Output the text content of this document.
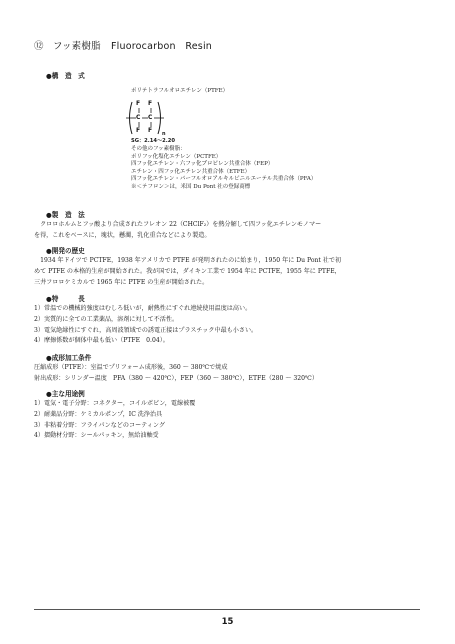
⑫ フッ素樹脂 Fluorocarbon　Resin
●構　造　式
ポリテトラフルオロエチレン（PTFE）
F F
C C
F F n
SG：2.14～2.20
その他のフッ素樹脂：
ポリフッ化塩化エチレン（PCTFE）
四フッ化エチレン・六フッ化プロピレン共重合体（FEP）
エチレン・四フッ化エチレン共重合体（ETFE）
四フッ化エチレン・パーフルオロアルキルビニルエーテル共重合体（PFA）
※＜テフロン＞は，米国 Du Pont 社の登録商標
●製　造　法
　クロロホルムとフッ酸より合成されたフレオン 22（CHClF₂）を熱分解して四フッ化エチレンモノマー
を得，これをベースに，塊状，懸濁，乳化重合などにより製造。
●開発の歴史
　1934 年ドイツで PCTFE，1938 年アメリカで PTFE が発明されたのに始まり，1950 年に Du Pont 社で初
めて PTFE の本格的生産が開始された。我が国では，ダイキン工業で 1954 年に PCTFE，1955 年に PTFE，
三井フロロケミカルで 1965 年に PTFE の生産が開始された。
●特　　　長
1）常温での機械的強度はむしろ低いが，耐熱性にすぐれ連続使用温度は高い。
2）実質的に全ての工業薬品，溶剤に対して不活性。
3）電気絶縁性にすぐれ，高周波領域での誘電正接はプラスチック中最も小さい。
4）摩擦係数が個体中最も低い（PTFE　0.04）。
●成形加工条件
圧縮成形（PTFE）：室温でプリフォーム成形後，360 ～ 380℃で焼成
射出成形：シリンダー温度　PFA（380 ～ 420℃），FEP（360 ～ 380℃），ETFE（280 ～ 320℃）
●主な用途例
1）電気・電子分野：コネクター，コイルボビン，電線被覆
2）耐薬品分野：ケミカルポンプ，IC 洗浄治具
3）非粘着分野：フライパンなどのコーティング
4）摺動材分野：シールパッキン，無給油軸受
15
